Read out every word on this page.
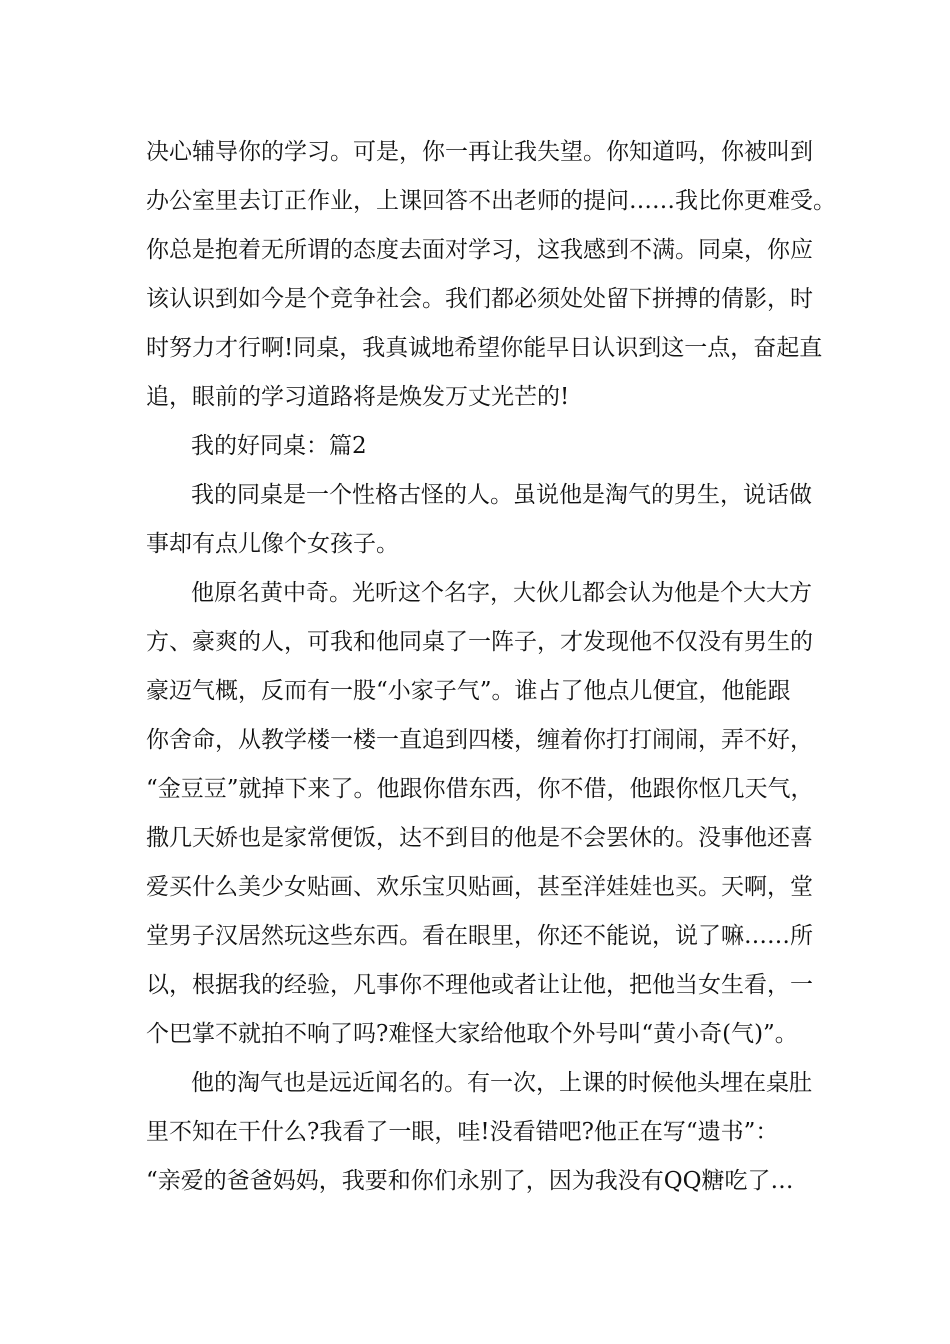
决心辅导你的学习。可是，你一再让我失望。你知道吗，你被叫到
办公室里去订正作业，上课回答不出老师的提问……我比你更难受。
你总是抱着无所谓的态度去面对学习，这我感到不满。同桌，你应
该认识到如今是个竞争社会。我们都必须处处留下拼搏的倩影，时
时努力才行啊!同桌，我真诚地希望你能早日认识到这一点，奋起直
追，眼前的学习道路将是焕发万丈光芒的!
我的好同桌：篇2
我的同桌是一个性格古怪的人。虽说他是淘气的男生，说话做
事却有点儿像个女孩子。
他原名黄中奇。光听这个名字，大伙儿都会认为他是个大大方
方、豪爽的人，可我和他同桌了一阵子，才发现他不仅没有男生的
豪迈气概，反而有一股“小家子气”。谁占了他点儿便宜，他能跟
你舍命，从教学楼一楼一直追到四楼，缠着你打打闹闹，弄不好，
“金豆豆”就掉下来了。他跟你借东西，你不借，他跟你怄几天气，
撒几天娇也是家常便饭，达不到目的他是不会罢休的。没事他还喜
爱买什么美少女贴画、欢乐宝贝贴画，甚至洋娃娃也买。天啊，堂
堂男子汉居然玩这些东西。看在眼里，你还不能说，说了嘛……所
以，根据我的经验，凡事你不理他或者让让他，把他当女生看，一
个巴掌不就拍不响了吗?难怪大家给他取个外号叫“黄小奇(气)”。
他的淘气也是远近闻名的。有一次，上课的时候他头埋在桌肚
里不知在干什么?我看了一眼，哇!没看错吧?他正在写“遗书”：
“亲爱的爸爸妈妈，我要和你们永别了，因为我没有QQ糖吃了…
